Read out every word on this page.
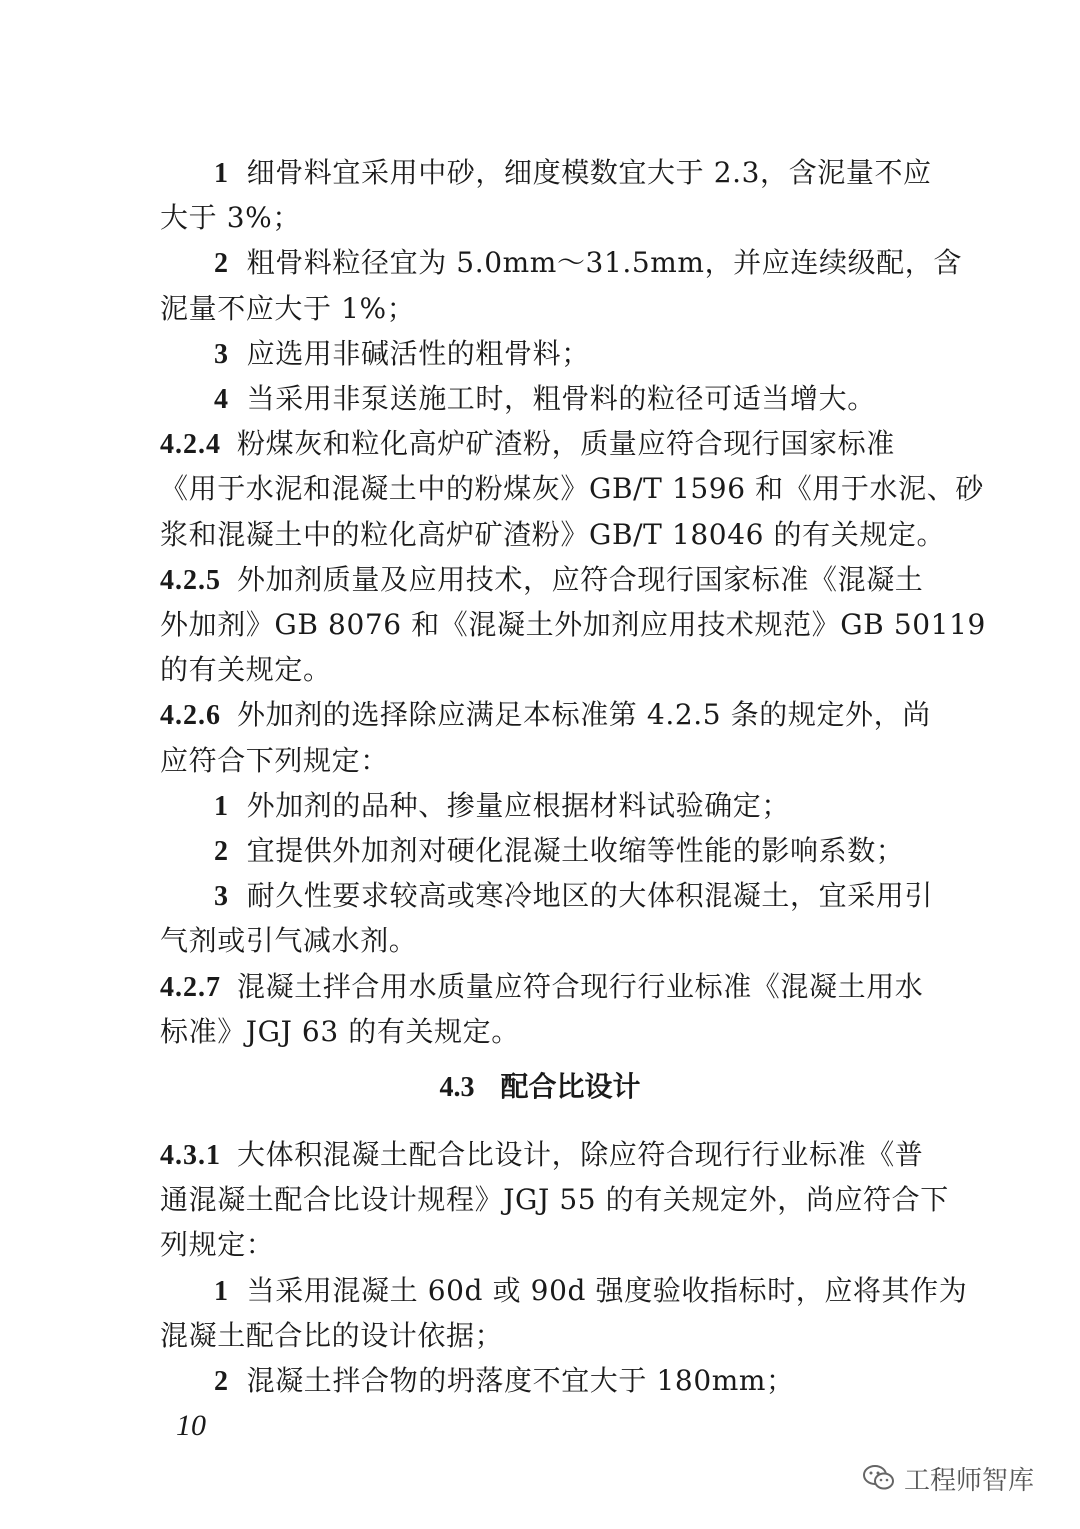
1 细骨料宜采用中砂，细度模数宜大于 2.3，含泥量不应
大于 3%；
2 粗骨料粒径宜为 5.0mm～31.5mm，并应连续级配，含
泥量不应大于 1%；
3 应选用非碱活性的粗骨料；
4 当采用非泵送施工时，粗骨料的粒径可适当增大。
4.2.4 粉煤灰和粒化高炉矿渣粉，质量应符合现行国家标准
《用于水泥和混凝土中的粉煤灰》GB/T 1596 和《用于水泥、砂
浆和混凝土中的粒化高炉矿渣粉》GB/T 18046 的有关规定。
4.2.5 外加剂质量及应用技术，应符合现行国家标准《混凝土
外加剂》GB 8076 和《混凝土外加剂应用技术规范》GB 50119
的有关规定。
4.2.6 外加剂的选择除应满足本标准第 4.2.5 条的规定外，尚
应符合下列规定：
1 外加剂的品种、掺量应根据材料试验确定；
2 宜提供外加剂对硬化混凝土收缩等性能的影响系数；
3 耐久性要求较高或寒冷地区的大体积混凝土，宜采用引
气剂或引气减水剂。
4.2.7 混凝土拌合用水质量应符合现行行业标准《混凝土用水
标准》JGJ 63 的有关规定。
4.3 配合比设计
4.3.1 大体积混凝土配合比设计，除应符合现行行业标准《普
通混凝土配合比设计规程》JGJ 55 的有关规定外，尚应符合下
列规定：
1 当采用混凝土 60d 或 90d 强度验收指标时，应将其作为
混凝土配合比的设计依据；
2 混凝土拌合物的坍落度不宜大于 180mm；
10
工程师智库
